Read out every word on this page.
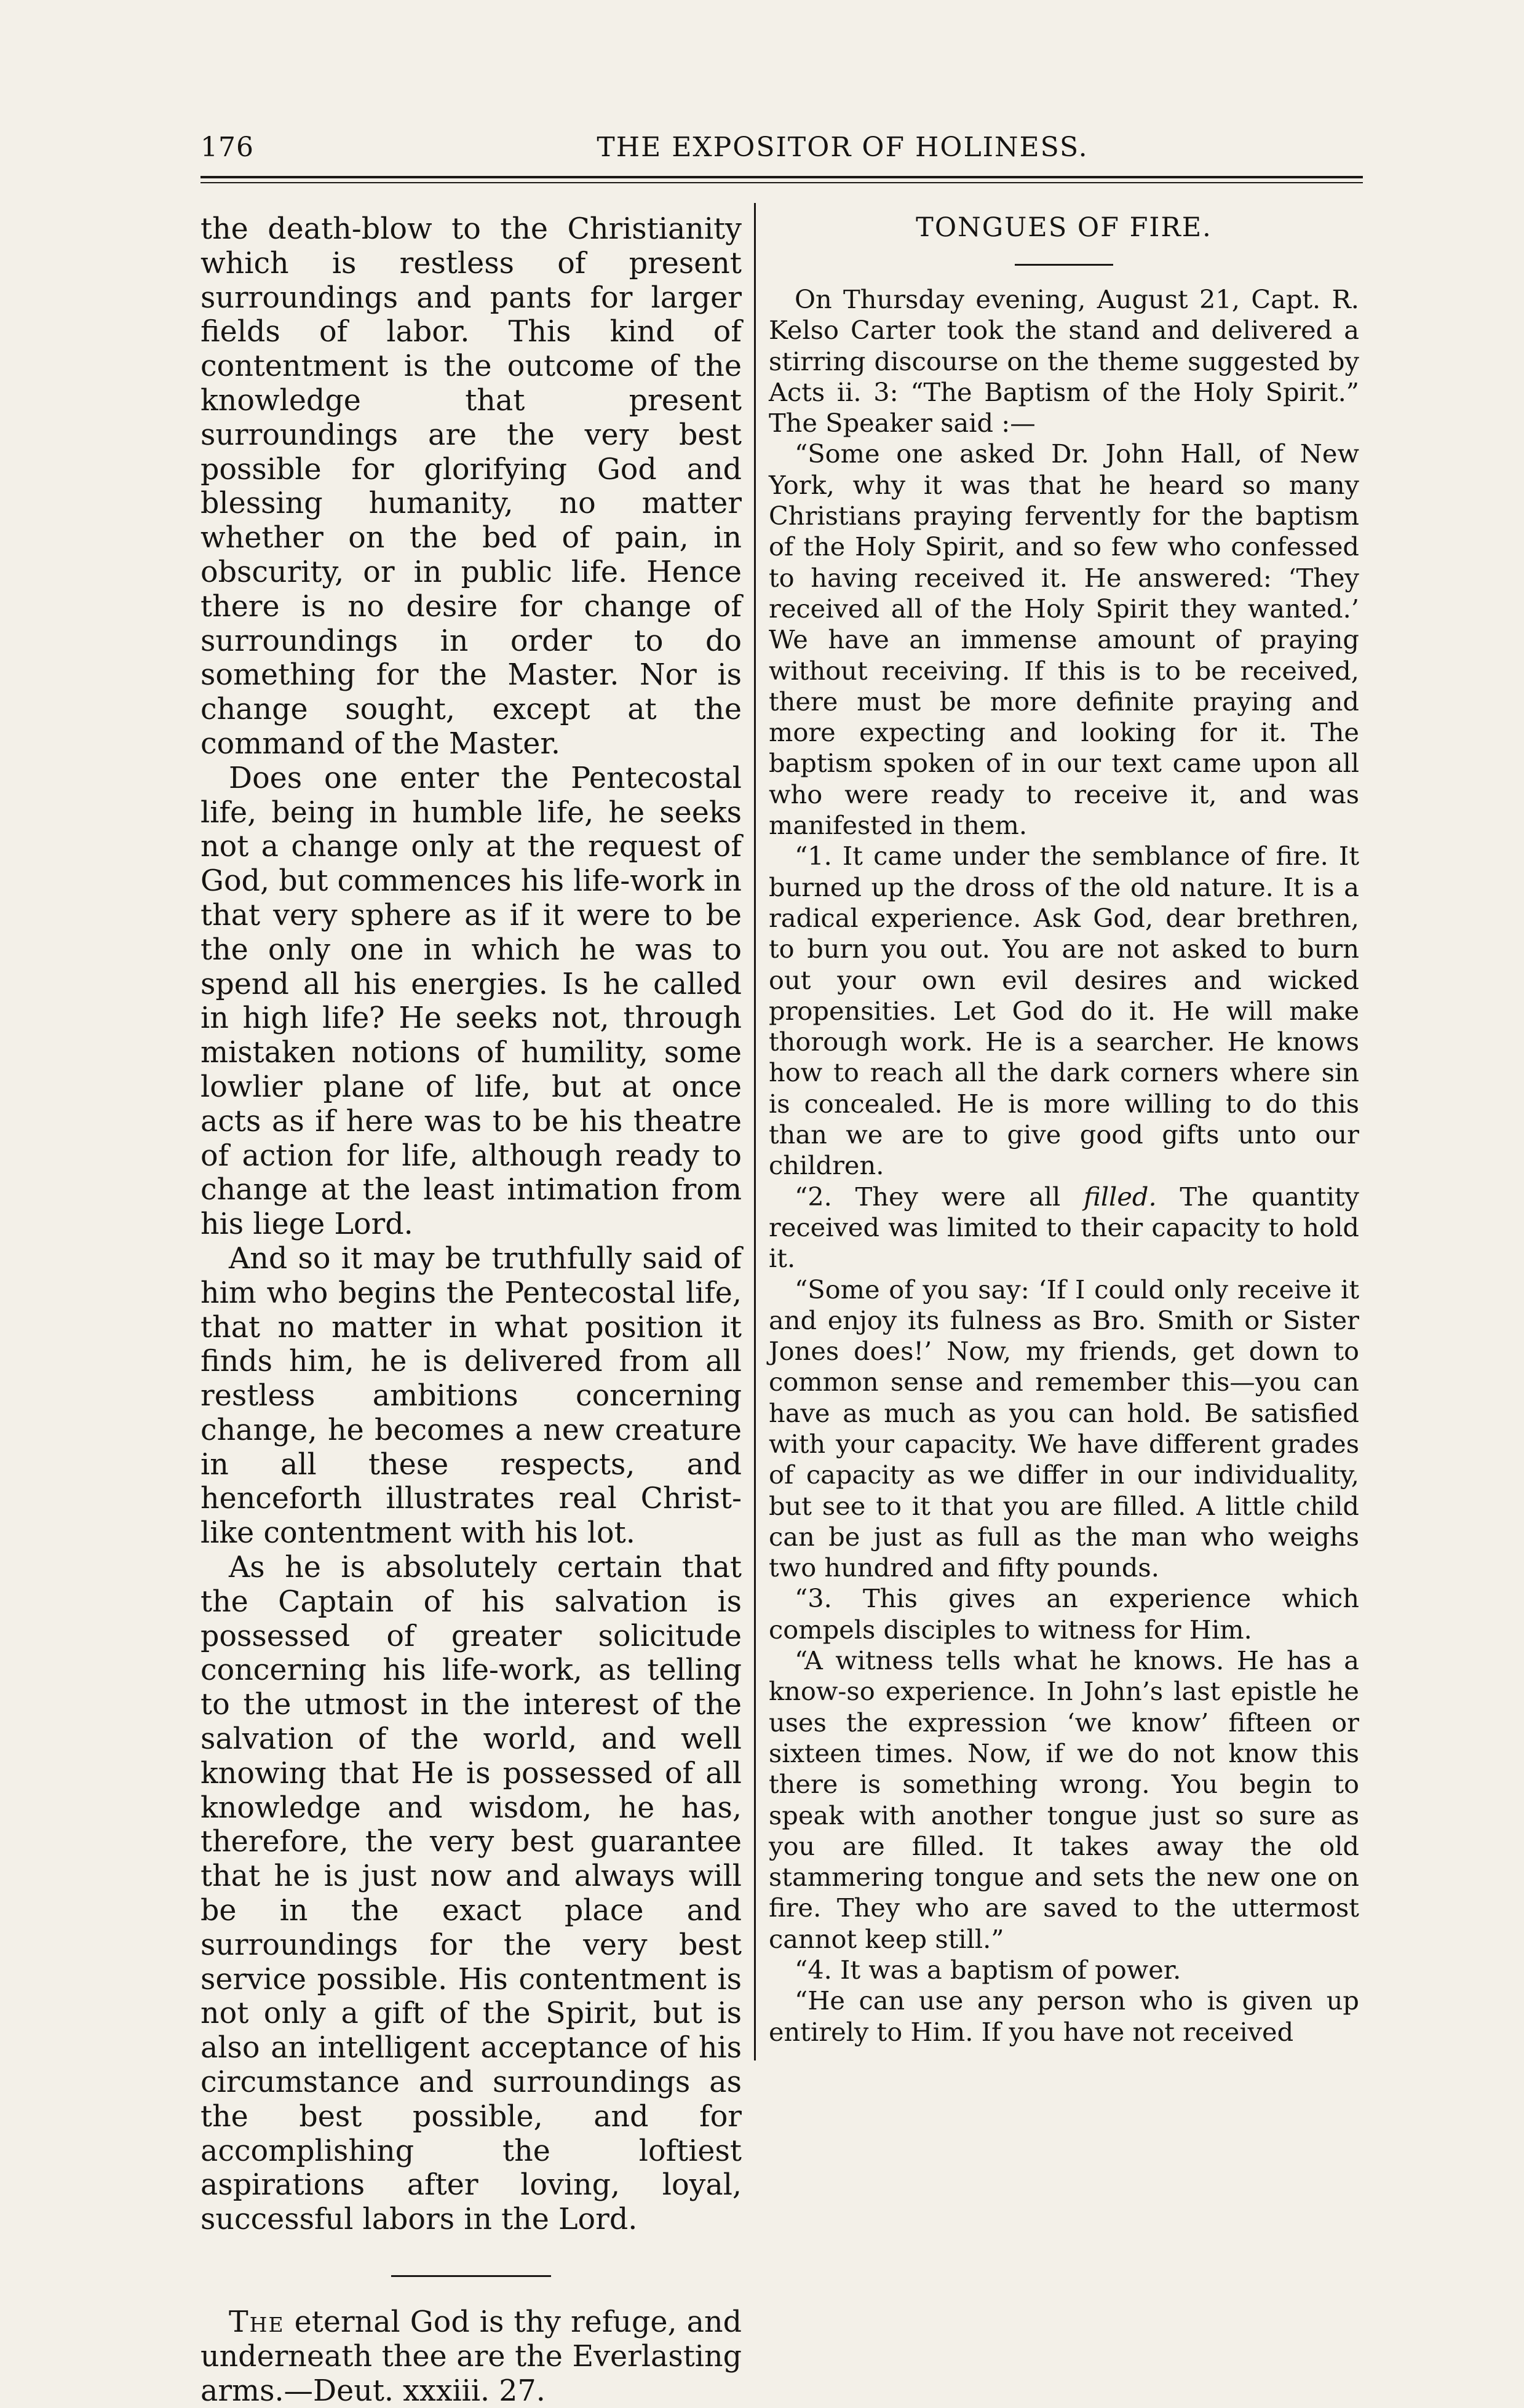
176	THE EXPOSITOR OF HOLINESS.

the death-blow to the Christianity which is restless of present surroundings and pants for larger fields of labor. This kind of contentment is the outcome of the knowledge that present surroundings are the very best possible for glorifying God and blessing humanity, no matter whether on the bed of pain, in obscurity, or in public life. Hence there is no desire for change of surroundings in order to do something for the Master. Nor is change sought, except at the command of the Master.

Does one enter the Pentecostal life, being in humble life, he seeks not a change only at the request of God, but commences his life-work in that very sphere as if it were to be the only one in which he was to spend all his energies. Is he called in high life? He seeks not, through mistaken notions of humility, some lowlier plane of life, but at once acts as if here was to be his theatre of action for life, although ready to change at the least intimation from his liege Lord.

And so it may be truthfully said of him who begins the Pentecostal life, that no matter in what position it finds him, he is delivered from all restless ambitions concerning change, he becomes a new creature in all these respects, and henceforth illustrates real Christ-like contentment with his lot.

As he is absolutely certain that the Captain of his salvation is possessed of greater solicitude concerning his life-work, as telling to the utmost in the interest of the salvation of the world, and well knowing that He is possessed of all knowledge and wisdom, he has, therefore, the very best guarantee that he is just now and always will be in the exact place and surroundings for the very best service possible. His contentment is not only a gift of the Spirit, but is also an intelligent acceptance of his circumstance and surroundings as the best possible, and for accomplishing the loftiest aspirations after loving, loyal, successful labors in the Lord.

The eternal God is thy refuge, and underneath thee are the Everlasting arms.—Deut. xxxiii. 27.

TONGUES OF FIRE.

On Thursday evening, August 21, Capt. R. Kelso Carter took the stand and delivered a stirring discourse on the theme suggested by Acts ii. 3: “The Baptism of the Holy Spirit.” The Speaker said :—

“Some one asked Dr. John Hall, of New York, why it was that he heard so many Christians praying fervently for the baptism of the Holy Spirit, and so few who confessed to having received it. He answered: ‘They received all of the Holy Spirit they wanted.’ We have an immense amount of praying without receiving. If this is to be received, there must be more definite praying and more expecting and looking for it. The baptism spoken of in our text came upon all who were ready to receive it, and was manifested in them.

“1. It came under the semblance of fire. It burned up the dross of the old nature. It is a radical experience. Ask God, dear brethren, to burn you out. You are not asked to burn out your own evil desires and wicked propensities. Let God do it. He will make thorough work. He is a searcher. He knows how to reach all the dark corners where sin is concealed. He is more willing to do this than we are to give good gifts unto our children.

“2. They were all filled. The quantity received was limited to their capacity to hold it.

“Some of you say: ‘If I could only receive it and enjoy its fulness as Bro. Smith or Sister Jones does!’ Now, my friends, get down to common sense and remember this—you can have as much as you can hold. Be satisfied with your capacity. We have different grades of capacity as we differ in our individuality, but see to it that you are filled. A little child can be just as full as the man who weighs two hundred and fifty pounds.

“3. This gives an experience which compels disciples to witness for Him.

“A witness tells what he knows. He has a know-so experience. In John’s last epistle he uses the expression ‘we know’ fifteen or sixteen times. Now, if we do not know this there is something wrong. You begin to speak with another tongue just so sure as you are filled. It takes away the old stammering tongue and sets the new one on fire. They who are saved to the uttermost cannot keep still.”

“4. It was a baptism of power.

“He can use any person who is given up entirely to Him. If you have not received
